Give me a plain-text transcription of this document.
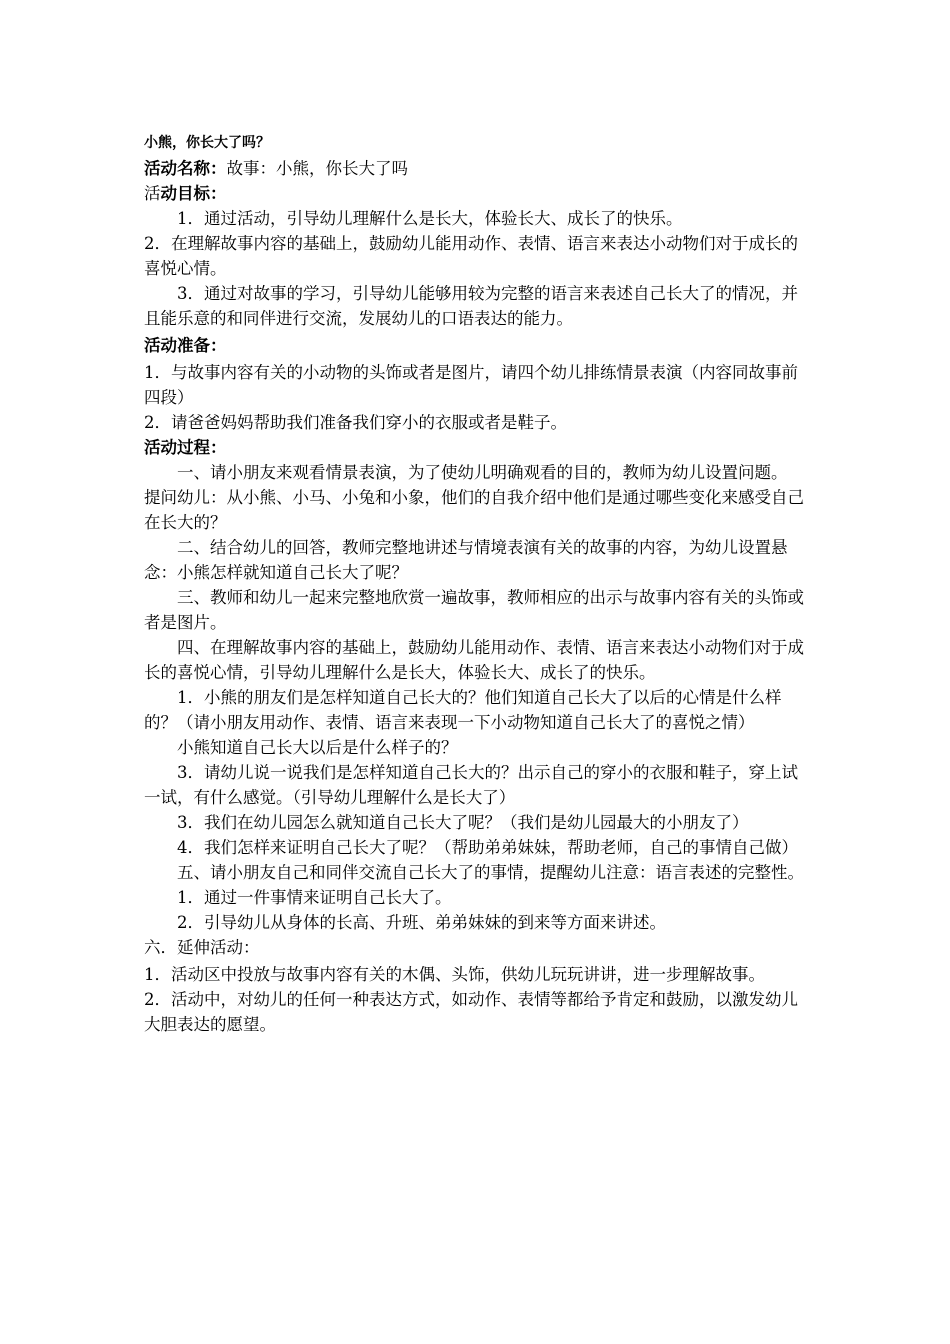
小熊，你长大了吗？
活动名称：故事：小熊，你长大了吗
活动目标：
1．通过活动，引导幼儿理解什么是长大，体验长大、成长了的快乐。
2．在理解故事内容的基础上，鼓励幼儿能用动作、表情、语言来表达小动物们对于成长的喜悦心情。
3．通过对故事的学习，引导幼儿能够用较为完整的语言来表述自己长大了的情况，并且能乐意的和同伴进行交流，发展幼儿的口语表达的能力。
活动准备：
1．与故事内容有关的小动物的头饰或者是图片，请四个幼儿排练情景表演（内容同故事前四段）
2．请爸爸妈妈帮助我们准备我们穿小的衣服或者是鞋子。
活动过程：
一、请小朋友来观看情景表演，为了使幼儿明确观看的目的，教师为幼儿设置问题。
提问幼儿：从小熊、小马、小兔和小象，他们的自我介绍中他们是通过哪些变化来感受自己在长大的？
二、结合幼儿的回答，教师完整地讲述与情境表演有关的故事的内容，为幼儿设置悬念：小熊怎样就知道自己长大了呢？
三、教师和幼儿一起来完整地欣赏一遍故事，教师相应的出示与故事内容有关的头饰或者是图片。
四、在理解故事内容的基础上，鼓励幼儿能用动作、表情、语言来表达小动物们对于成长的喜悦心情，引导幼儿理解什么是长大，体验长大、成长了的快乐。
1．小熊的朋友们是怎样知道自己长大的？他们知道自己长大了以后的心情是什么样的？（请小朋友用动作、表情、语言来表现一下小动物知道自己长大了的喜悦之情）
小熊知道自己长大以后是什么样子的？
3．请幼儿说一说我们是怎样知道自己长大的？出示自己的穿小的衣服和鞋子，穿上试一试，有什么感觉。（引导幼儿理解什么是长大了）
3．我们在幼儿园怎么就知道自己长大了呢？（我们是幼儿园最大的小朋友了）
4．我们怎样来证明自己长大了呢？（帮助弟弟妹妹，帮助老师，自己的事情自己做）
五、请小朋友自己和同伴交流自己长大了的事情，提醒幼儿注意：语言表述的完整性。
1．通过一件事情来证明自己长大了。
2．引导幼儿从身体的长高、升班、弟弟妹妹的到来等方面来讲述。
六．延伸活动：
1．活动区中投放与故事内容有关的木偶、头饰，供幼儿玩玩讲讲，进一步理解故事。
2．活动中，对幼儿的任何一种表达方式，如动作、表情等都给予肯定和鼓励，以激发幼儿大胆表达的愿望。
